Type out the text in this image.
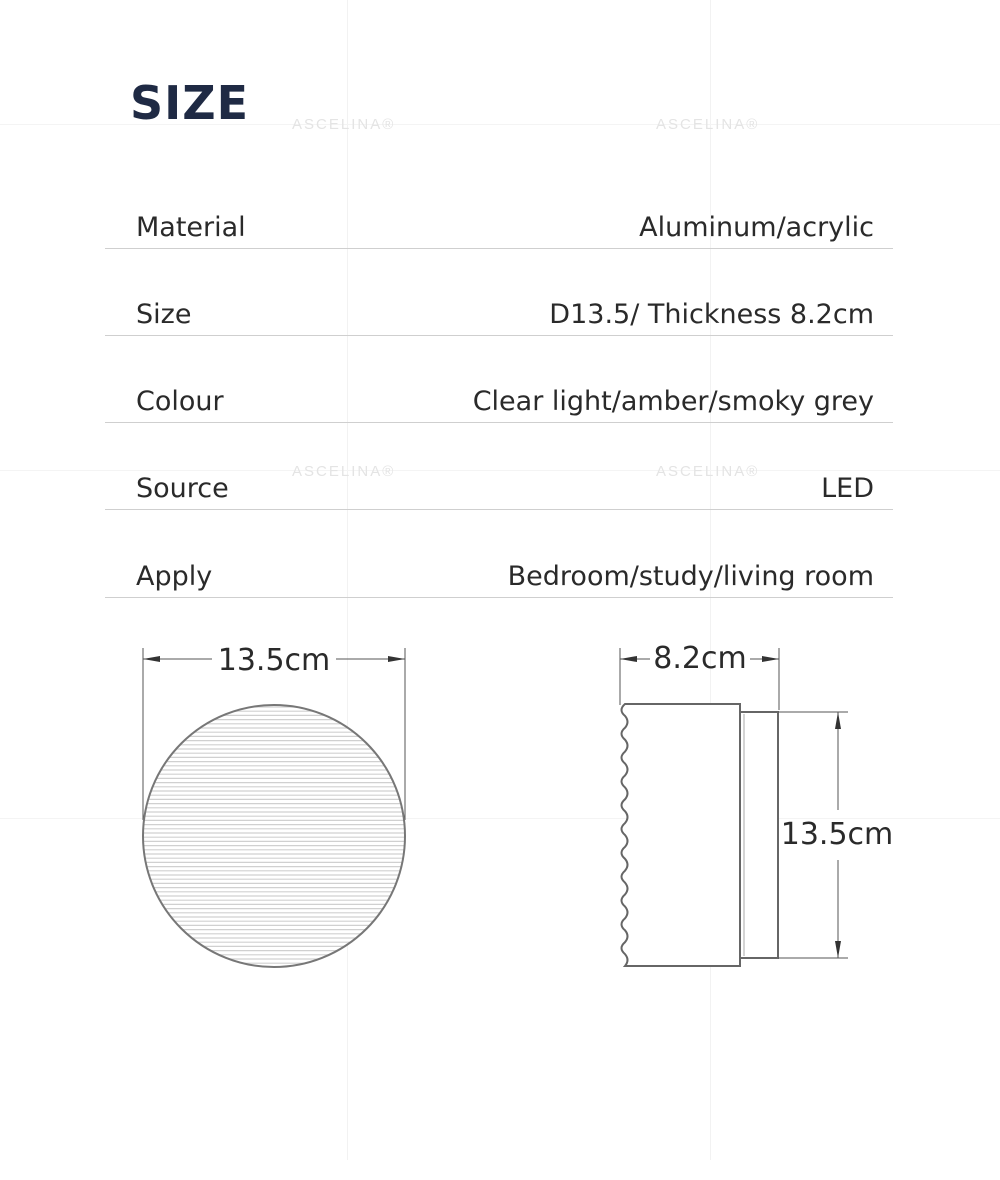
ASCELINA®	ASCELINA®
ASCELINA®	ASCELINA®
SIZE
Material	Aluminum/acrylic
Size	D13.5/ Thickness 8.2cm
Colour	Clear light/amber/smoky grey
Source	LED
Apply	Bedroom/study/living room
13.5cm	8.2cm
13.5cm
